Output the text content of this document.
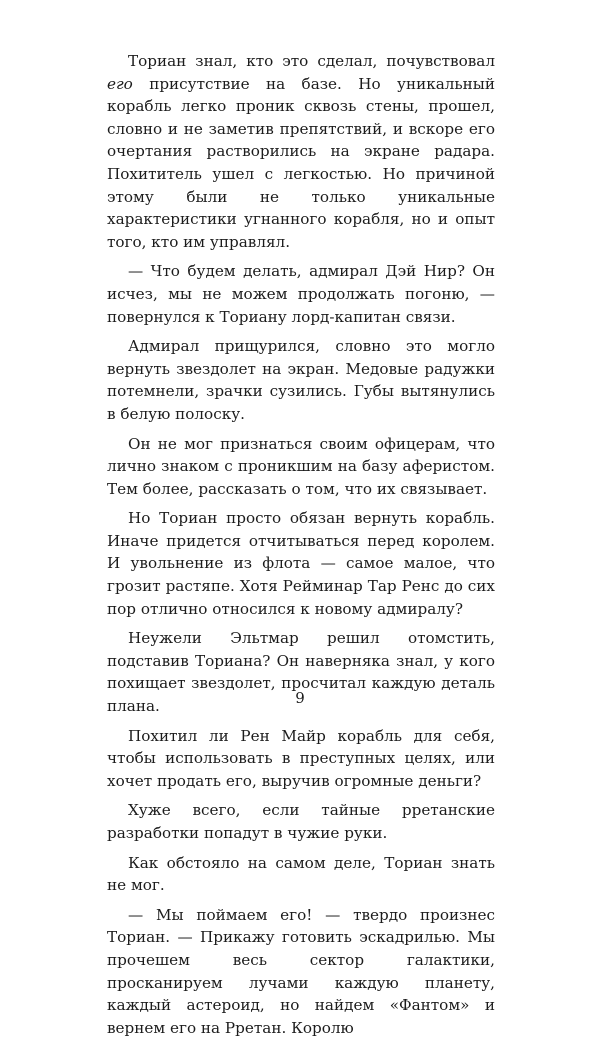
Ториан знал, кто это сделал, почувствовал его присутствие на базе. Но уникальный корабль легко проник сквозь стены, прошел, словно и не заметив препятствий, и вскоре его очертания растворились на экране радара. Похититель ушел с легкостью. Но причиной этому были не только уникальные характеристики угнанного корабля, но и опыт того, кто им управлял.

— Что будем делать, адмирал Дэй Нир? Он исчез, мы не можем продолжать погоню, — повернулся к Ториану лорд-капитан связи.

Адмирал прищурился, словно это могло вернуть звездолет на экран. Медовые радужки потемнели, зрачки сузились. Губы вытянулись в белую полоску.

Он не мог признаться своим офицерам, что лично знаком с проникшим на базу аферистом. Тем более, рассказать о том, что их связывает.

Но Ториан просто обязан вернуть корабль. Иначе придется отчитываться перед королем. И увольнение из флота — самое малое, что грозит растяпе. Хотя Рейминар Тар Ренс до сих пор отлично относился к новому адмиралу?

Неужели Эльтмар решил отомстить, подставив Ториана? Он наверняка знал, у кого похищает звездолет, просчитал каждую деталь плана.

Похитил ли Рен Майр корабль для себя, чтобы использовать в преступных целях, или хочет продать его, выручив огромные деньги?

Хуже всего, если тайные рретанские разработки попадут в чужие руки.

Как обстояло на самом деле, Ториан знать не мог.

— Мы поймаем его! — твердо произнес Ториан. — Прикажу готовить эскадрилью. Мы прочешем весь сектор галактики, просканируем лучами каждую планету, каждый астероид, но найдем «Фантом» и вернем его на Рретан. Королю

9
